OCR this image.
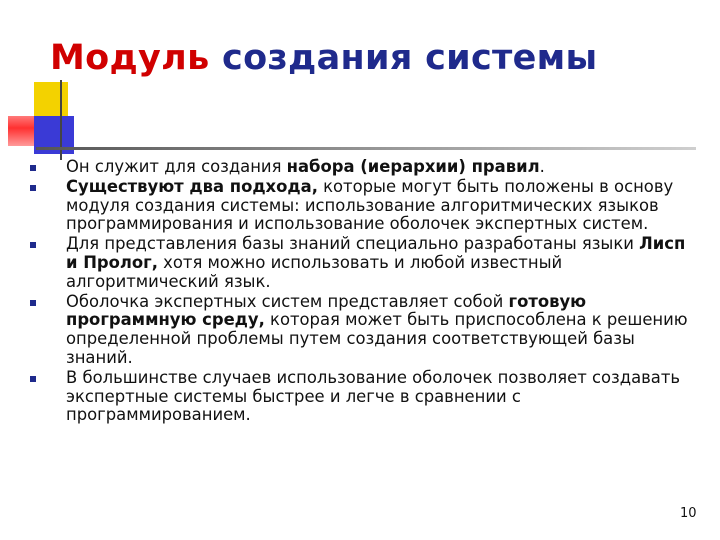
Модуль создания системы
Он служит для создания набора (иерархии) правил.
Существуют два подхода, которые могут быть положены в основу модуля создания системы: использование алгоритмических языков программирования и использование оболочек экспертных систем.
Для представления базы знаний специально разработаны языки Лисп и Пролог, хотя можно использовать и любой известный алгоритмический язык.
Оболочка экспертных систем представляет собой готовую программную среду, которая может быть приспособлена к решению определенной проблемы путем создания соответствующей базы знаний.
В большинстве случаев использование оболочек позволяет создавать экспертные системы быстрее и легче в сравнении с программированием.
10
